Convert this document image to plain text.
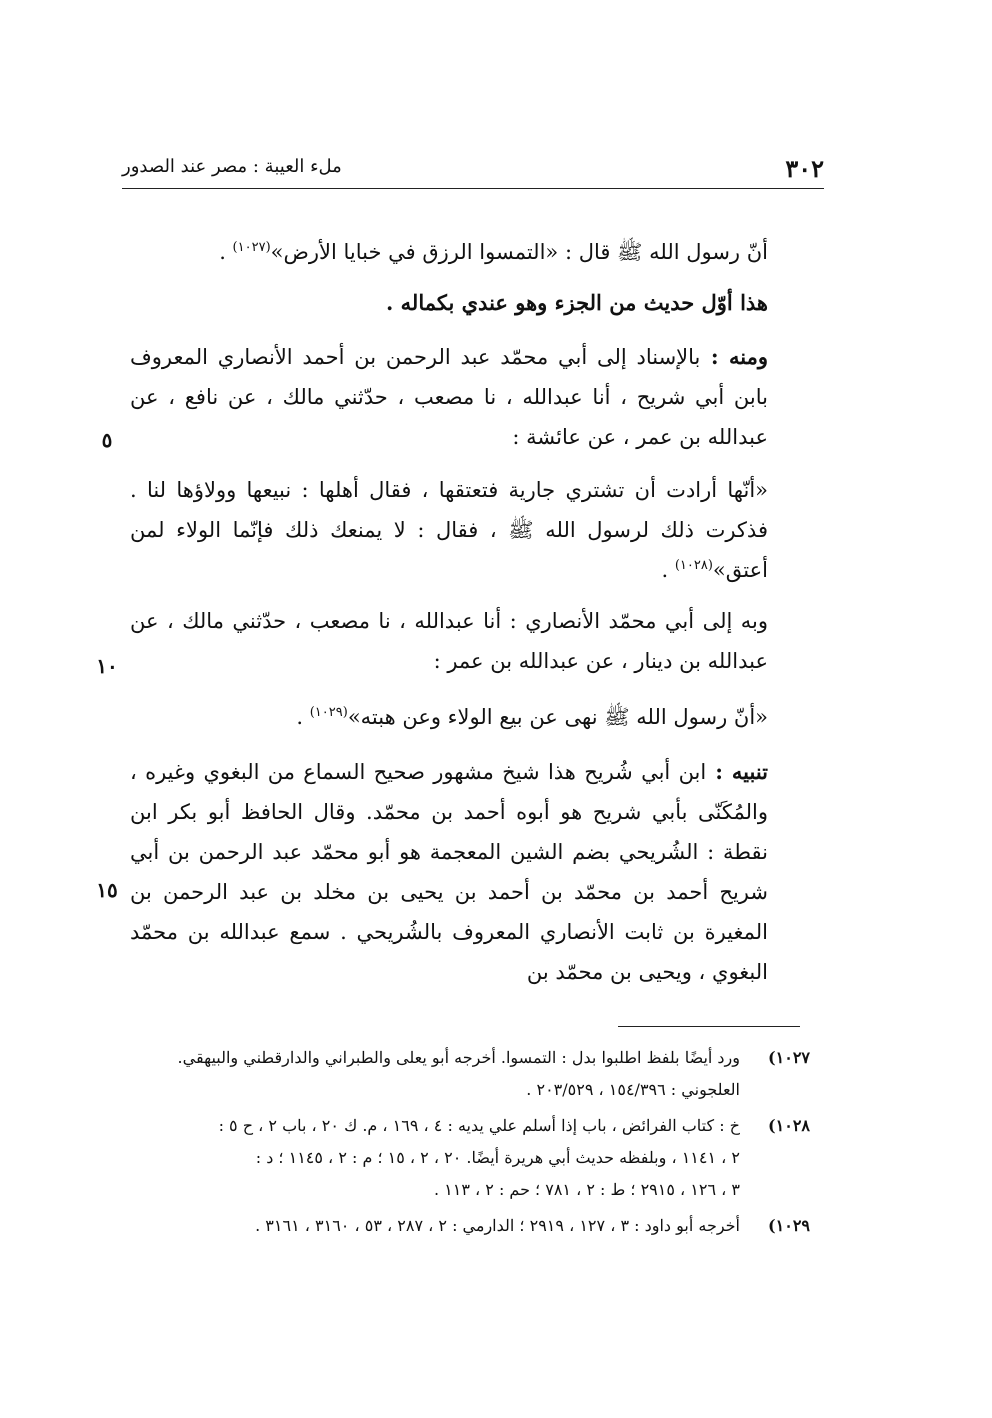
٣٠٢
ملء العيبة : مصر عند الصدور

أنّ رسول الله ﷺ قال : «التمسوا الرزق في خبايا الأرض»$^{(١٠٢٧)}$ .

هذا أوّل حديث من الجزء وهو عندي بكماله .

ومنه : بالإسناد إلى أبي محمّد عبد الرحمن بن أحمد الأنصاري المعروف بابن أبي شريح ، أنا عبدالله ، نا مصعب ، حدّثني مالك ، عن نافع ، عن عبدالله بن عمر ، عن عائشة :

«أنّها أرادت أن تشتري جارية فتعتقها ، فقال أهلها : نبيعها وولاؤها لنا . فذكرت ذلك لرسول الله ﷺ ، فقال : لا يمنعك ذلك فإنّما الولاء لمن أعتق»$^{(١٠٢٨)}$ .

وبه إلى أبي محمّد الأنصاري : أنا عبدالله ، نا مصعب ، حدّثني مالك ، عن عبدالله بن دينار ، عن عبدالله بن عمر :

«أنّ رسول الله ﷺ نهى عن بيع الولاء وعن هبته»$^{(١٠٢٩)}$ .

تنبيه : ابن أبي شُريح هذا شيخ مشهور صحيح السماع من البغوي وغيره ، والمُكَنّى بأبي شريح هو أبوه أحمد بن محمّد. وقال الحافظ أبو بكر ابن نقطة : الشُريحي بضم الشين المعجمة هو أبو محمّد عبد الرحمن بن أبي شريح أحمد بن محمّد بن أحمد بن يحيى بن مخلد بن عبد الرحمن بن المغيرة بن ثابت الأنصاري المعروف بالشُريحي . سمع عبدالله بن محمّد البغوي ، ويحيى بن محمّد بن

٥
١٠
١٥
١٠٢٧)
ورد أيضًا بلفظ اطلبوا بدل : التمسوا. أخرجه أبو يعلى والطبراني والدارقطني والبيهقي.
العلجوني : ١٥٤/٣٩٦ ، ٢٠٣/٥٢٩ .
١٠٢٨)
خ : كتاب الفرائض ، باب إذا أسلم علي يديه : ٤ ، ١٦٩ ، م. ك ٢٠ ، باب ٢ ، ح ٥ :
٢ ، ١١٤١ ، وبلفظه حديث أبي هريرة أيضًا. ٢٠ ، ٢ ، ١٥ ؛ م : ٢ ، ١١٤٥ ؛ د :
٣ ، ١٢٦ ، ٢٩١٥ ؛ ط : ٢ ، ٧٨١ ؛ حم : ٢ ، ١١٣ .
١٠٢٩)
أخرجه أبو داود : ٣ ، ١٢٧ ، ٢٩١٩ ؛ الدارمي : ٢ ، ٢٨٧ ، ٥٣ ، ٣١٦٠ ، ٣١٦١ .
